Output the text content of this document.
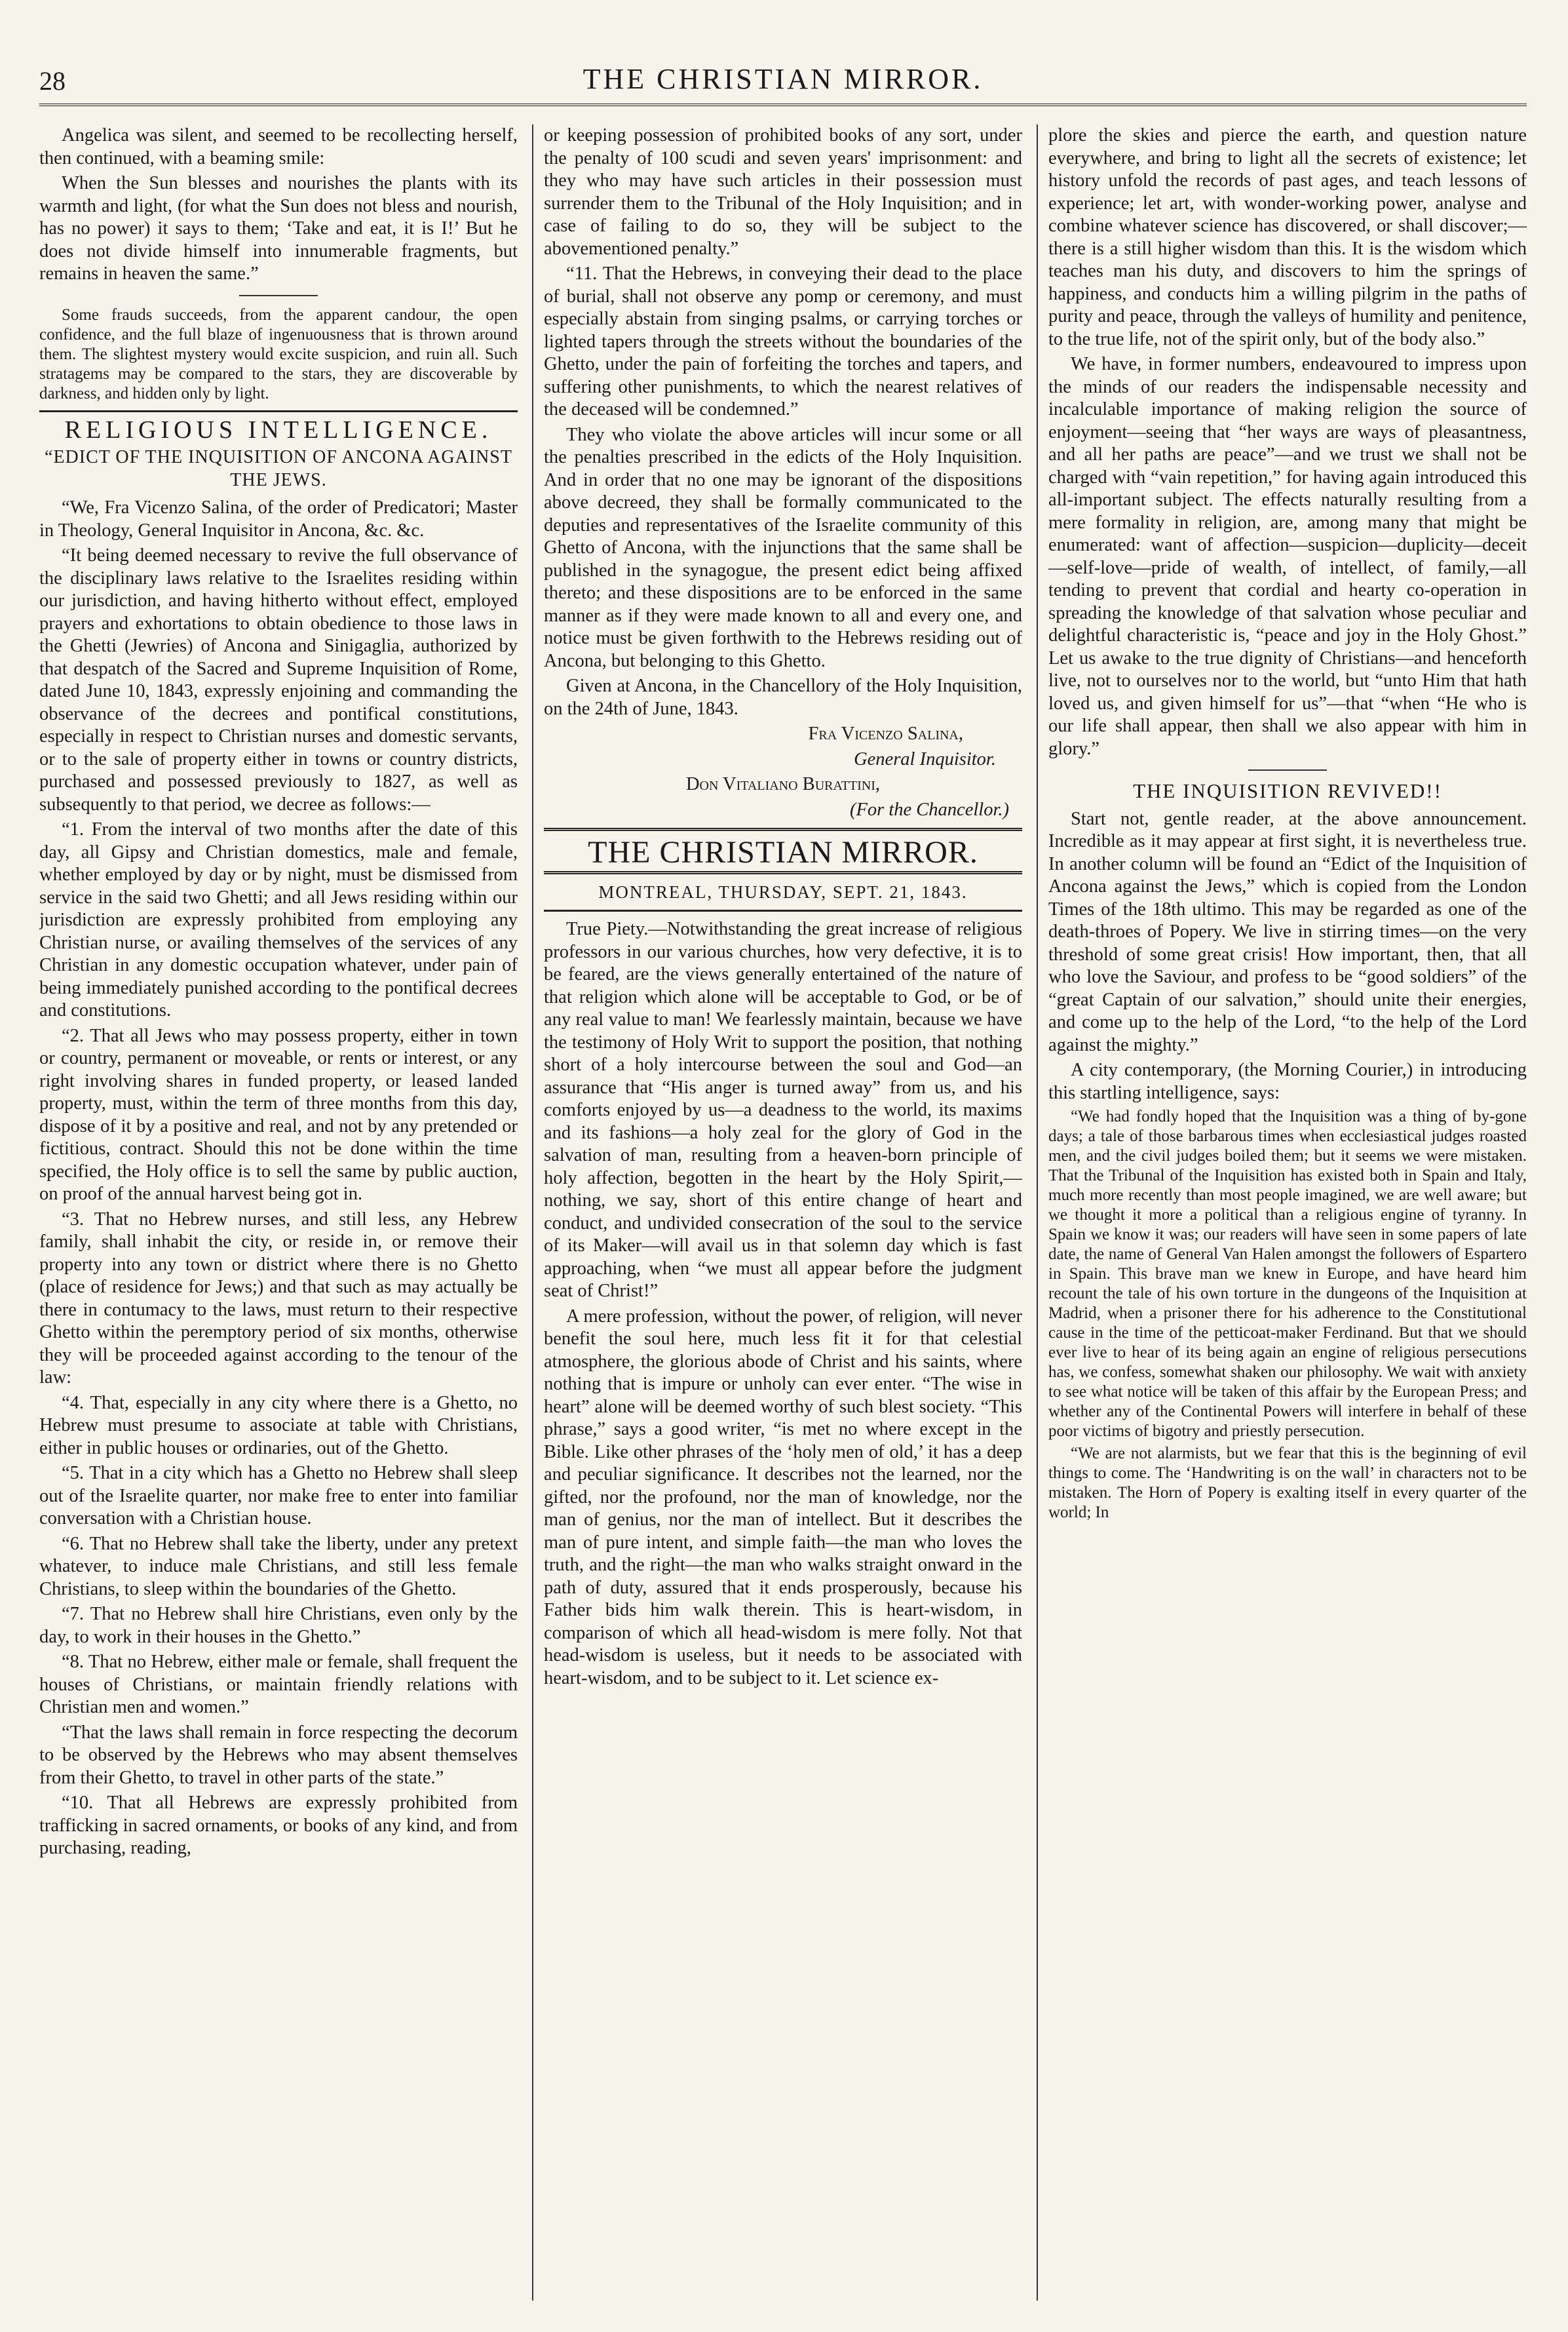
28	THE CHRISTIAN MIRROR.

Angelica was silent, and seemed to be recollecting herself, then continued, with a beaming smile:

When the Sun blesses and nourishes the plants with its warmth and light, (for what the Sun does not bless and nourish, has no power) it says to them; ‘Take and eat, it is I!’ But he does not divide himself into innumerable fragments, but remains in heaven the same.”

Some frauds succeeds, from the apparent candour, the open confidence, and the full blaze of ingenuousness that is thrown around them. The slightest mystery would excite suspicion, and ruin all. Such stratagems may be compared to the stars, they are discoverable by darkness, and hidden only by light.

RELIGIOUS INTELLIGENCE.
“EDICT OF THE INQUISITION OF ANCONA AGAINST THE JEWS.

“We, Fra Vicenzo Salina, of the order of Predicatori; Master in Theology, General Inquisitor in Ancona, &c. &c.

“It being deemed necessary to revive the full observance of the disciplinary laws relative to the Israelites residing within our jurisdiction, and having hitherto without effect, employed prayers and exhortations to obtain obedience to those laws in the Ghetti (Jewries) of Ancona and Sinigaglia, authorized by that despatch of the Sacred and Supreme Inquisition of Rome, dated June 10, 1843, expressly enjoining and commanding the observance of the decrees and pontifical constitutions, especially in respect to Christian nurses and domestic servants, or to the sale of property either in towns or country districts, purchased and possessed previously to 1827, as well as subsequently to that period, we decree as follows:—

“1. From the interval of two months after the date of this day, all Gipsy and Christian domestics, male and female, whether employed by day or by night, must be dismissed from service in the said two Ghetti; and all Jews residing within our jurisdiction are expressly prohibited from employing any Christian nurse, or availing themselves of the services of any Christian in any domestic occupation whatever, under pain of being immediately punished according to the pontifical decrees and constitutions.

“2. That all Jews who may possess property, either in town or country, permanent or moveable, or rents or interest, or any right involving shares in funded property, or leased landed property, must, within the term of three months from this day, dispose of it by a positive and real, and not by any pretended or fictitious, contract. Should this not be done within the time specified, the Holy office is to sell the same by public auction, on proof of the annual harvest being got in.

“3. That no Hebrew nurses, and still less, any Hebrew family, shall inhabit the city, or reside in, or remove their property into any town or district where there is no Ghetto (place of residence for Jews;) and that such as may actually be there in contumacy to the laws, must return to their respective Ghetto within the peremptory period of six months, otherwise they will be proceeded against according to the tenour of the law:

“4. That, especially in any city where there is a Ghetto, no Hebrew must presume to associate at table with Christians, either in public houses or ordinaries, out of the Ghetto.

“5. That in a city which has a Ghetto no Hebrew shall sleep out of the Israelite quarter, nor make free to enter into familiar conversation with a Christian house.

“6. That no Hebrew shall take the liberty, under any pretext whatever, to induce male Christians, and still less female Christians, to sleep within the boundaries of the Ghetto.

“7. That no Hebrew shall hire Christians, even only by the day, to work in their houses in the Ghetto.”

“8. That no Hebrew, either male or female, shall frequent the houses of Christians, or maintain friendly relations with Christian men and women.”

“That the laws shall remain in force respecting the decorum to be observed by the Hebrews who may absent themselves from their Ghetto, to travel in other parts of the state.”

“10. That all Hebrews are expressly prohibited from trafficking in sacred ornaments, or books of any kind, and from purchasing, reading,

or keeping possession of prohibited books of any sort, under the penalty of 100 scudi and seven years' imprisonment: and they who may have such articles in their possession must surrender them to the Tribunal of the Holy Inquisition; and in case of failing to do so, they will be subject to the abovementioned penalty.”

“11. That the Hebrews, in conveying their dead to the place of burial, shall not observe any pomp or ceremony, and must especially abstain from singing psalms, or carrying torches or lighted tapers through the streets without the boundaries of the Ghetto, under the pain of forfeiting the torches and tapers, and suffering other punishments, to which the nearest relatives of the deceased will be condemned.”

They who violate the above articles will incur some or all the penalties prescribed in the edicts of the Holy Inquisition. And in order that no one may be ignorant of the dispositions above decreed, they shall be formally communicated to the deputies and representatives of the Israelite community of this Ghetto of Ancona, with the injunctions that the same shall be published in the synagogue, the present edict being affixed thereto; and these dispositions are to be enforced in the same manner as if they were made known to all and every one, and notice must be given forthwith to the Hebrews residing out of Ancona, but belonging to this Ghetto.

Given at Ancona, in the Chancellory of the Holy Inquisition, on the 24th of June, 1843.

Fra Vicenzo Salina,

General Inquisitor.

Don Vitaliano Burattini,

(For the Chancellor.)

THE CHRISTIAN MIRROR.
MONTREAL, THURSDAY, SEPT. 21, 1843.

True Piety.—Notwithstanding the great increase of religious professors in our various churches, how very defective, it is to be feared, are the views generally entertained of the nature of that religion which alone will be acceptable to God, or be of any real value to man! We fearlessly maintain, because we have the testimony of Holy Writ to support the position, that nothing short of a holy intercourse between the soul and God—an assurance that “His anger is turned away” from us, and his comforts enjoyed by us—a deadness to the world, its maxims and its fashions—a holy zeal for the glory of God in the salvation of man, resulting from a heaven-born principle of holy affection, begotten in the heart by the Holy Spirit,—nothing, we say, short of this entire change of heart and conduct, and undivided consecration of the soul to the service of its Maker—will avail us in that solemn day which is fast approaching, when “we must all appear before the judgment seat of Christ!”

A mere profession, without the power, of religion, will never benefit the soul here, much less fit it for that celestial atmosphere, the glorious abode of Christ and his saints, where nothing that is impure or unholy can ever enter. “The wise in heart” alone will be deemed worthy of such blest society. “This phrase,” says a good writer, “is met no where except in the Bible. Like other phrases of the ‘holy men of old,’ it has a deep and peculiar significance. It describes not the learned, nor the gifted, nor the profound, nor the man of knowledge, nor the man of genius, nor the man of intellect. But it describes the man of pure intent, and simple faith—the man who loves the truth, and the right—the man who walks straight onward in the path of duty, assured that it ends prosperously, because his Father bids him walk therein. This is heart-wisdom, in comparison of which all head-wisdom is mere folly. Not that head-wisdom is useless, but it needs to be associated with heart-wisdom, and to be subject to it. Let science ex-

plore the skies and pierce the earth, and question nature everywhere, and bring to light all the secrets of existence; let history unfold the records of past ages, and teach lessons of experience; let art, with wonder-working power, analyse and combine whatever science has discovered, or shall discover;—there is a still higher wisdom than this. It is the wisdom which teaches man his duty, and discovers to him the springs of happiness, and conducts him a willing pilgrim in the paths of purity and peace, through the valleys of humility and penitence, to the true life, not of the spirit only, but of the body also.”

We have, in former numbers, endeavoured to impress upon the minds of our readers the indispensable necessity and incalculable importance of making religion the source of enjoyment—seeing that “her ways are ways of pleasantness, and all her paths are peace”—and we trust we shall not be charged with “vain repetition,” for having again introduced this all-important subject. The effects naturally resulting from a mere formality in religion, are, among many that might be enumerated: want of affection—suspicion—duplicity—deceit—self-love—pride of wealth, of intellect, of family,—all tending to prevent that cordial and hearty co-operation in spreading the knowledge of that salvation whose peculiar and delightful characteristic is, “peace and joy in the Holy Ghost.” Let us awake to the true dignity of Christians—and henceforth live, not to ourselves nor to the world, but “unto Him that hath loved us, and given himself for us”—that “when “He who is our life shall appear, then shall we also appear with him in glory.”

THE INQUISITION REVIVED!!

Start not, gentle reader, at the above announcement. Incredible as it may appear at first sight, it is nevertheless true. In another column will be found an “Edict of the Inquisition of Ancona against the Jews,” which is copied from the London Times of the 18th ultimo. This may be regarded as one of the death-throes of Popery. We live in stirring times—on the very threshold of some great crisis! How important, then, that all who love the Saviour, and profess to be “good soldiers” of the “great Captain of our salvation,” should unite their energies, and come up to the help of the Lord, “to the help of the Lord against the mighty.”

A city contemporary, (the Morning Courier,) in introducing this startling intelligence, says:

“We had fondly hoped that the Inquisition was a thing of by-gone days; a tale of those barbarous times when ecclesiastical judges roasted men, and the civil judges boiled them; but it seems we were mistaken. That the Tribunal of the Inquisition has existed both in Spain and Italy, much more recently than most people imagined, we are well aware; but we thought it more a political than a religious engine of tyranny. In Spain we know it was; our readers will have seen in some papers of late date, the name of General Van Halen amongst the followers of Espartero in Spain. This brave man we knew in Europe, and have heard him recount the tale of his own torture in the dungeons of the Inquisition at Madrid, when a prisoner there for his adherence to the Constitutional cause in the time of the petticoat-maker Ferdinand. But that we should ever live to hear of its being again an engine of religious persecutions has, we confess, somewhat shaken our philosophy. We wait with anxiety to see what notice will be taken of this affair by the European Press; and whether any of the Continental Powers will interfere in behalf of these poor victims of bigotry and priestly persecution.

“We are not alarmists, but we fear that this is the beginning of evil things to come. The ‘Handwriting is on the wall’ in characters not to be mistaken. The Horn of Popery is exalting itself in every quarter of the world; In
